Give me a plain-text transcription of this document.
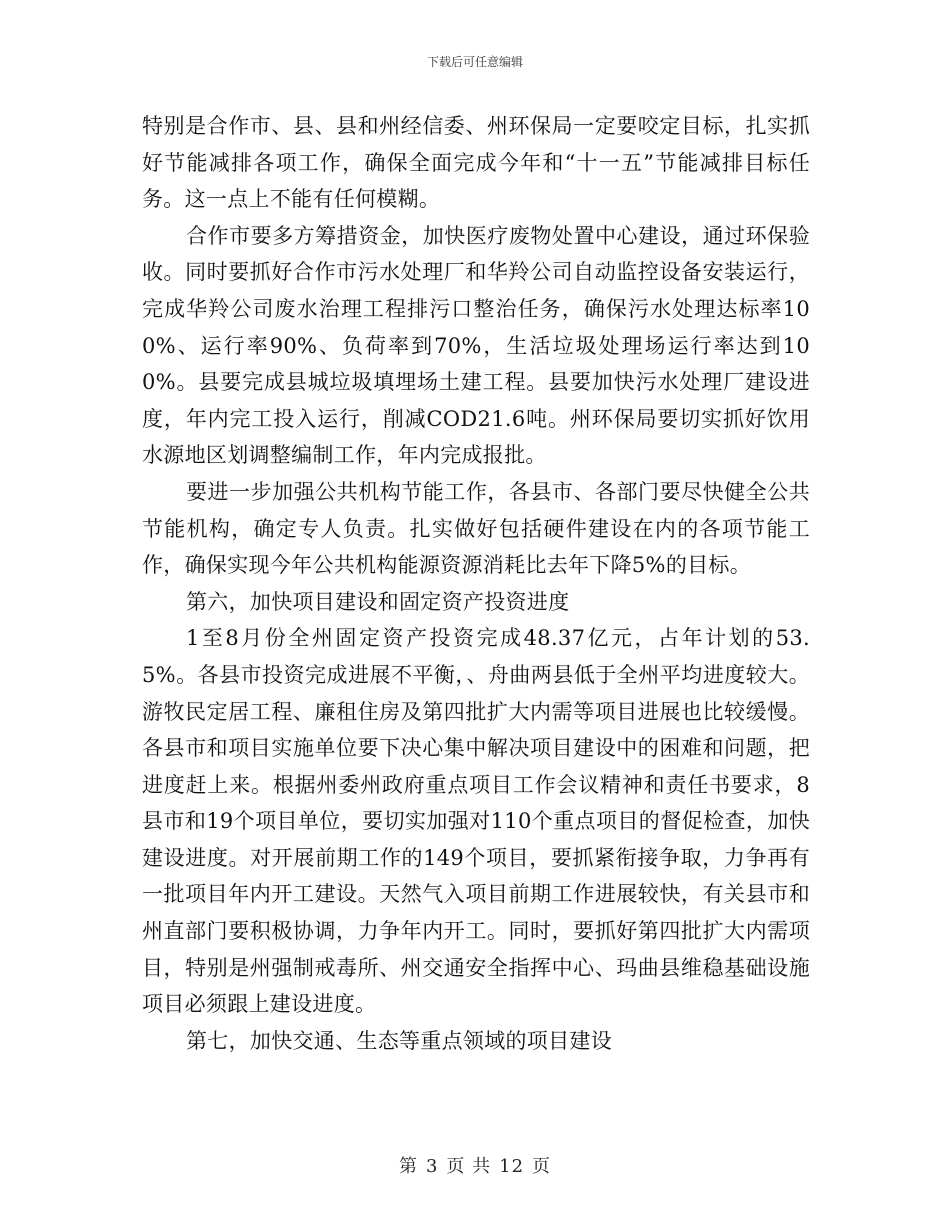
下载后可任意编辑

特别是合作市、县、县和州经信委、州环保局一定要咬定目标，扎实抓好节能减排各项工作，确保全面完成今年和“十一五”节能减排目标任务。这一点上不能有任何模糊。

合作市要多方筹措资金，加快医疗废物处置中心建设，通过环保验收。同时要抓好合作市污水处理厂和华羚公司自动监控设备安装运行，完成华羚公司废水治理工程排污口整治任务，确保污水处理达标率100%、运行率90%、负荷率到70%，生活垃圾处理场运行率达到100%。县要完成县城垃圾填埋场土建工程。县要加快污水处理厂建设进度，年内完工投入运行，削减COD21.6吨。州环保局要切实抓好饮用水源地区划调整编制工作，年内完成报批。

要进一步加强公共机构节能工作，各县市、各部门要尽快健全公共节能机构，确定专人负责。扎实做好包括硬件建设在内的各项节能工作，确保实现今年公共机构能源资源消耗比去年下降5%的目标。

第六，加快项目建设和固定资产投资进度

1至8月份全州固定资产投资完成48.37亿元，占年计划的53.5%。各县市投资完成进展不平衡，、舟曲两县低于全州平均进度较大。游牧民定居工程、廉租住房及第四批扩大内需等项目进展也比较缓慢。各县市和项目实施单位要下决心集中解决项目建设中的困难和问题，把进度赶上来。根据州委州政府重点项目工作会议精神和责任书要求，8县市和19个项目单位，要切实加强对110个重点项目的督促检查，加快建设进度。对开展前期工作的149个项目，要抓紧衔接争取，力争再有一批项目年内开工建设。天然气入项目前期工作进展较快，有关县市和州直部门要积极协调，力争年内开工。同时，要抓好第四批扩大内需项目，特别是州强制戒毒所、州交通安全指挥中心、玛曲县维稳基础设施项目必须跟上建设进度。

第七，加快交通、生态等重点领域的项目建设

第 3 页 共 12 页
